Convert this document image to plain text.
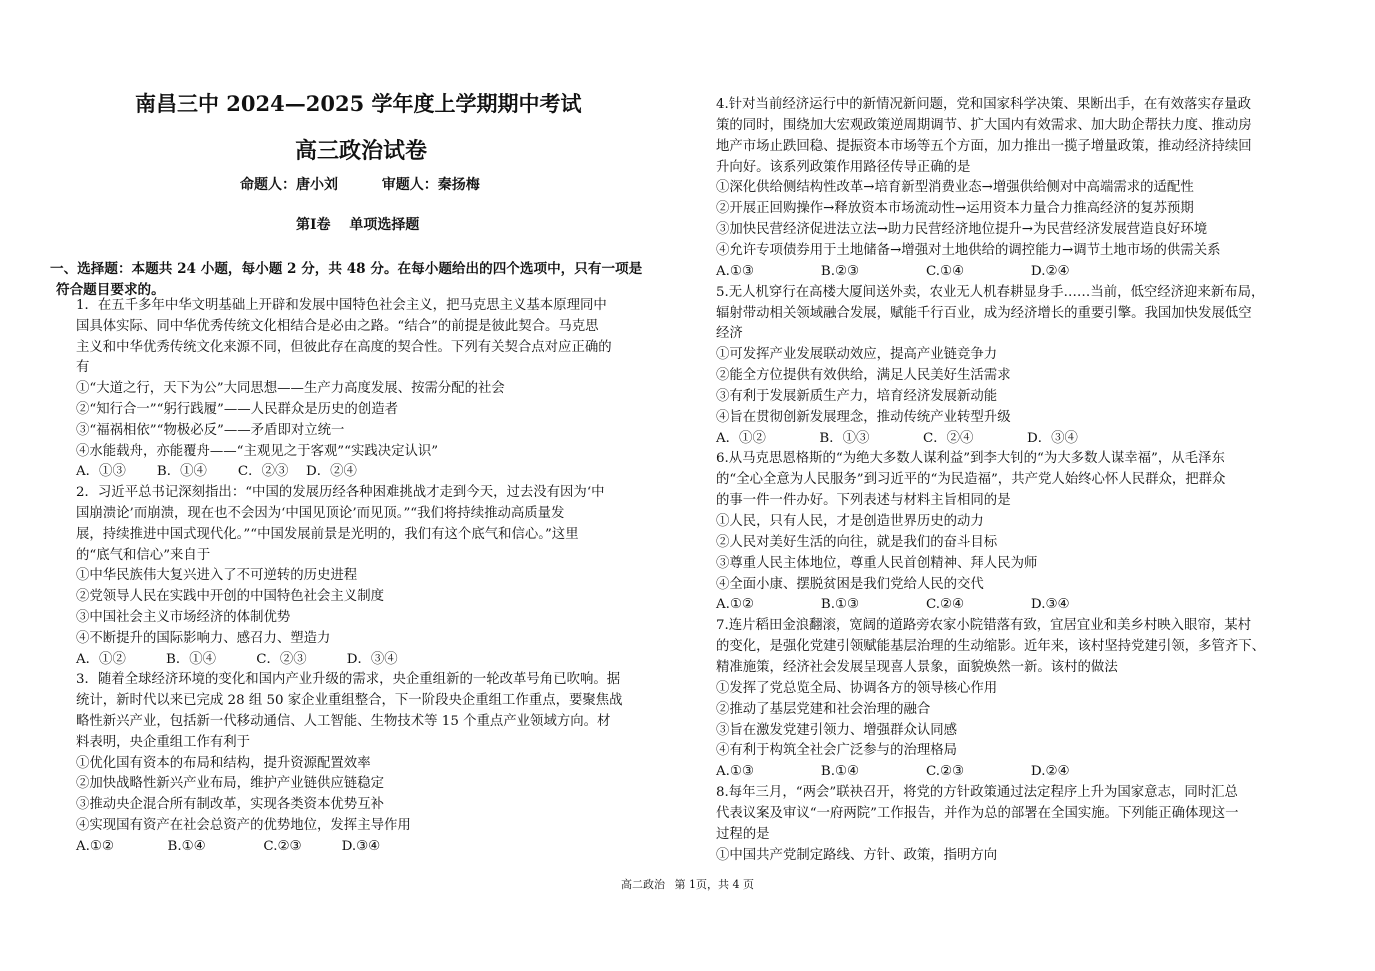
南昌三中 2024—2025 学年度上学期期中考试
高三政治试卷
命题人：唐小刘	审题人：秦扬梅
第Ⅰ卷　 单项选择题
一、选择题：本题共 24 小题，每小题 2 分，共 48 分。在每小题给出的四个选项中，只有一项是
符合题目要求的。
1．在五千多年中华文明基础上开辟和发展中国特色社会主义，把马克思主义基本原理同中
国具体实际、同中华优秀传统文化相结合是必由之路。“结合”的前提是彼此契合。马克思
主义和中华优秀传统文化来源不同，但彼此存在高度的契合性。下列有关契合点对应正确的
有
①“大道之行，天下为公”大同思想——生产力高度发展、按需分配的社会
②“知行合一”“躬行践履”——人民群众是历史的创造者
③“福祸相依”“物极必反”——矛盾即对立统一
④水能载舟，亦能覆舟——“主观见之于客观”“实践决定认识”
A．①③　　 B．①④　　 C．②③　 D．②④
2．习近平总书记深刻指出：“中国的发展历经各种困难挑战才走到今天，过去没有因为‘中
国崩溃论’而崩溃，现在也不会因为‘中国见顶论’而见顶。”“我们将持续推动高质量发
展，持续推进中国式现代化。”“中国发展前景是光明的，我们有这个底气和信心。”这里
的“底气和信心”来自于
①中华民族伟大复兴进入了不可逆转的历史进程
②党领导人民在实践中开创的中国特色社会主义制度
③中国社会主义市场经济的体制优势
④不断提升的国际影响力、感召力、塑造力
A．①②　　　B．①④　　　C．②③　　　D．③④
3．随着全球经济环境的变化和国内产业升级的需求，央企重组新的一轮改革号角已吹响。据
统计，新时代以来已完成 28 组 50 家企业重组整合，下一阶段央企重组工作重点，要聚焦战
略性新兴产业，包括新一代移动通信、人工智能、生物技术等 15 个重点产业领域方向。材
料表明，央企重组工作有利于
①优化国有资本的布局和结构，提升资源配置效率
②加快战略性新兴产业布局，维护产业链供应链稳定
③推动央企混合所有制改革，实现各类资本优势互补
④实现国有资产在社会总资产的优势地位，发挥主导作用
A.①②　　　　B.①④　　　　 C.②③　　　D.③④
4.针对当前经济运行中的新情况新问题，党和国家科学决策、果断出手，在有效落实存量政
策的同时，围绕加大宏观政策逆周期调节、扩大国内有效需求、加大助企帮扶力度、推动房
地产市场止跌回稳、提振资本市场等五个方面，加力推出一揽子增量政策，推动经济持续回
升向好。该系列政策作用路径传导正确的是
①深化供给侧结构性改革→培育新型消费业态→增强供给侧对中高端需求的适配性
②开展正回购操作→释放资本市场流动性→运用资本力量合力推高经济的复苏预期
③加快民营经济促进法立法→助力民营经济地位提升→为民营经济发展营造良好环境
④允许专项债券用于土地储备→增强对土地供给的调控能力→调节土地市场的供需关系
A.①③　　　　　B.②③　　　　　C.①④　　　　　D.②④
5.无人机穿行在高楼大厦间送外卖，农业无人机春耕显身手……当前，低空经济迎来新布局，
辐射带动相关领域融合发展，赋能千行百业，成为经济增长的重要引擎。我国加快发展低空
经济
①可发挥产业发展联动效应，提高产业链竞争力
②能全方位提供有效供给，满足人民美好生活需求
③有利于发展新质生产力，培育经济发展新动能
④旨在贯彻创新发展理念，推动传统产业转型升级
A．①②　　　　B．①③　　　　C．②④　　　　D．③④
6.从马克思恩格斯的“为绝大多数人谋利益”到李大钊的“为大多数人谋幸福”，从毛泽东
的“全心全意为人民服务”到习近平的“为民造福”，共产党人始终心怀人民群众，把群众
的事一件一件办好。下列表述与材料主旨相同的是
①人民，只有人民，才是创造世界历史的动力
②人民对美好生活的向往，就是我们的奋斗目标
③尊重人民主体地位，尊重人民首创精神、拜人民为师
④全面小康、摆脱贫困是我们党给人民的交代
A.①②　　　　　B.①③　　　　　C.②④　　　　　D.③④
7.连片稻田金浪翻滚，宽阔的道路旁农家小院错落有致，宜居宜业和美乡村映入眼帘，某村
的变化，是强化党建引领赋能基层治理的生动缩影。近年来，该村坚持党建引领，多管齐下、
精准施策，经济社会发展呈现喜人景象，面貌焕然一新。该村的做法
①发挥了党总览全局、协调各方的领导核心作用
②推动了基层党建和社会治理的融合
③旨在激发党建引领力、增强群众认同感
④有利于构筑全社会广泛参与的治理格局
A.①③　　　　　B.①④　　　　　C.②③　　　　　D.②④
8.每年三月，“两会”联袂召开，将党的方针政策通过法定程序上升为国家意志，同时汇总
代表议案及审议“一府两院”工作报告，并作为总的部署在全国实施。下列能正确体现这一
过程的是
①中国共产党制定路线、方针、政策，指明方向
高二政治 第 1页，共 4 页
